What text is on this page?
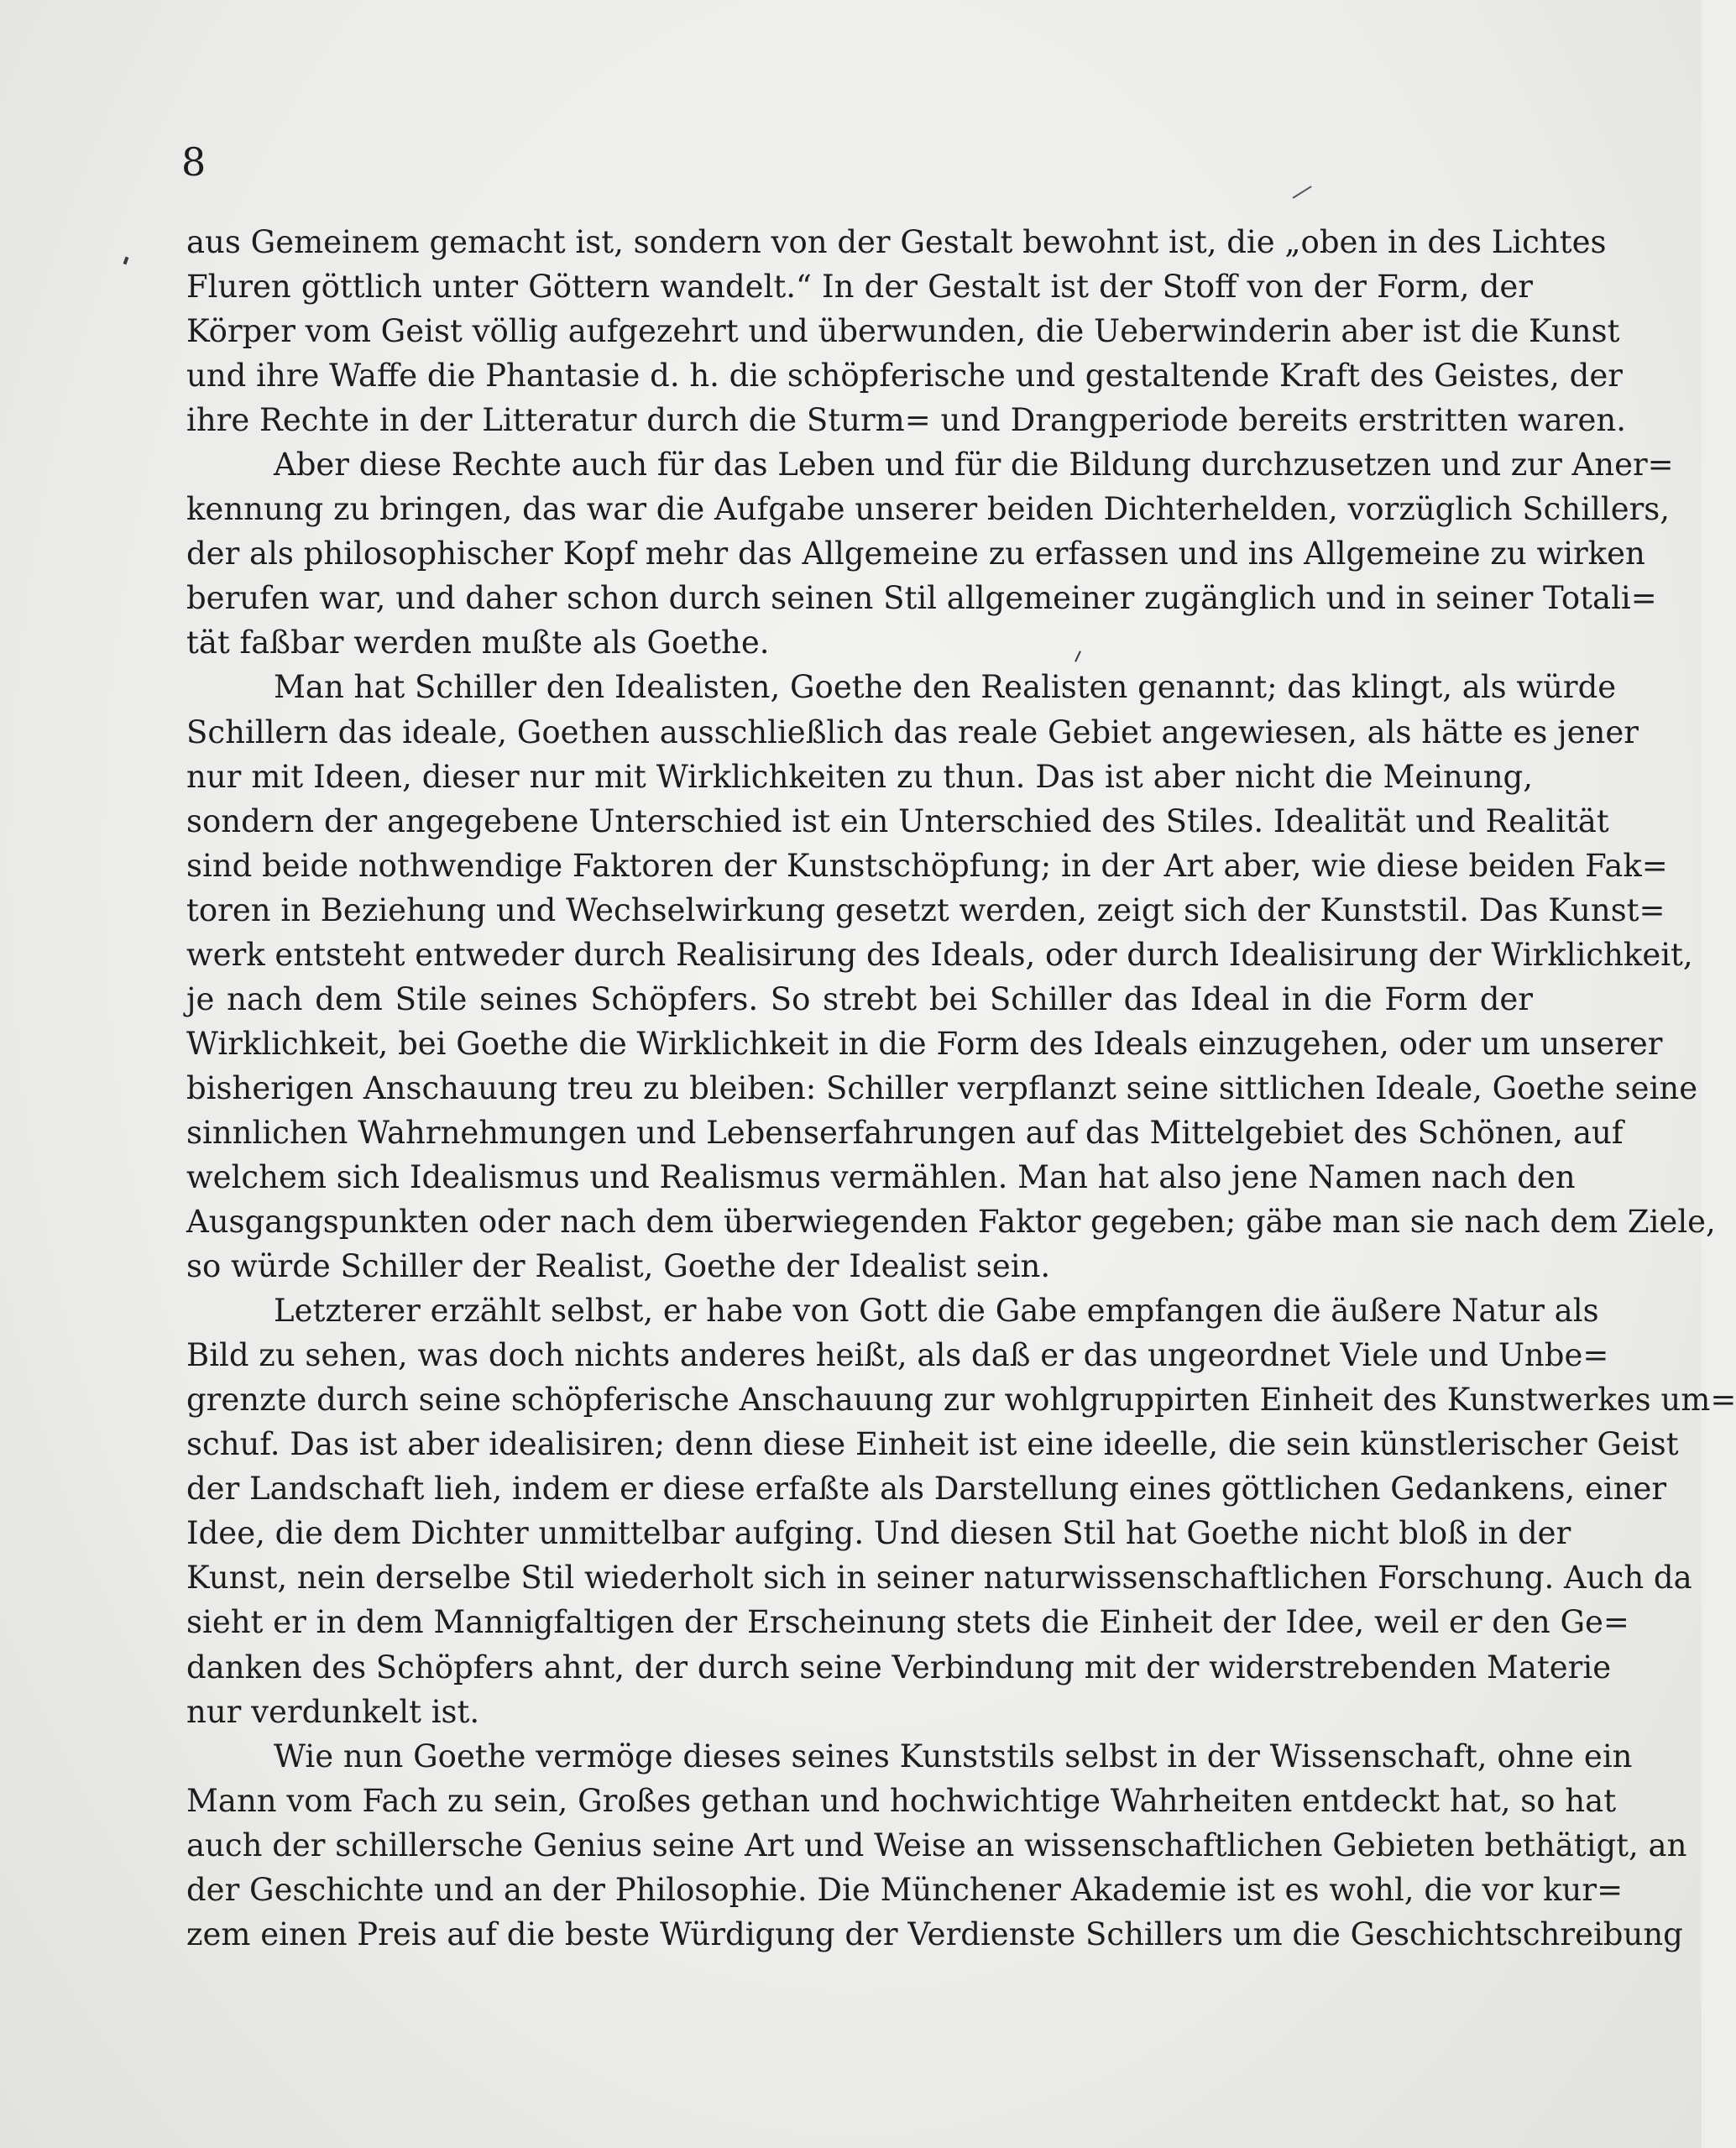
8
aus Gemeinem gemacht ist, sondern von der Gestalt bewohnt ist, die „oben in des Lichtes
Fluren göttlich unter Göttern wandelt.“ In der Gestalt ist der Stoff von der Form, der
Körper vom Geist völlig aufgezehrt und überwunden, die Ueberwinderin aber ist die Kunst
und ihre Waffe die Phantasie d. h. die schöpferische und gestaltende Kraft des Geistes, der
ihre Rechte in der Litteratur durch die Sturm= und Drangperiode bereits erstritten waren.
Aber diese Rechte auch für das Leben und für die Bildung durchzusetzen und zur Aner=
kennung zu bringen, das war die Aufgabe unserer beiden Dichterhelden, vorzüglich Schillers,
der als philosophischer Kopf mehr das Allgemeine zu erfassen und ins Allgemeine zu wirken
berufen war, und daher schon durch seinen Stil allgemeiner zugänglich und in seiner Totali=
tät faßbar werden mußte als Goethe.
Man hat Schiller den Idealisten, Goethe den Realisten genannt; das klingt, als würde
Schillern das ideale, Goethen ausschließlich das reale Gebiet angewiesen, als hätte es jener
nur mit Ideen, dieser nur mit Wirklichkeiten zu thun. Das ist aber nicht die Meinung,
sondern der angegebene Unterschied ist ein Unterschied des Stiles. Idealität und Realität
sind beide nothwendige Faktoren der Kunstschöpfung; in der Art aber, wie diese beiden Fak=
toren in Beziehung und Wechselwirkung gesetzt werden, zeigt sich der Kunststil. Das Kunst=
werk entsteht entweder durch Realisirung des Ideals, oder durch Idealisirung der Wirklichkeit,
je nach dem Stile seines Schöpfers. So strebt bei Schiller das Ideal in die Form der
Wirklichkeit, bei Goethe die Wirklichkeit in die Form des Ideals einzugehen, oder um unserer
bisherigen Anschauung treu zu bleiben: Schiller verpflanzt seine sittlichen Ideale, Goethe seine
sinnlichen Wahrnehmungen und Lebenserfahrungen auf das Mittelgebiet des Schönen, auf
welchem sich Idealismus und Realismus vermählen. Man hat also jene Namen nach den
Ausgangspunkten oder nach dem überwiegenden Faktor gegeben; gäbe man sie nach dem Ziele,
so würde Schiller der Realist, Goethe der Idealist sein.
Letzterer erzählt selbst, er habe von Gott die Gabe empfangen die äußere Natur als
Bild zu sehen, was doch nichts anderes heißt, als daß er das ungeordnet Viele und Unbe=
grenzte durch seine schöpferische Anschauung zur wohlgruppirten Einheit des Kunstwerkes um=
schuf. Das ist aber idealisiren; denn diese Einheit ist eine ideelle, die sein künstlerischer Geist
der Landschaft lieh, indem er diese erfaßte als Darstellung eines göttlichen Gedankens, einer
Idee, die dem Dichter unmittelbar aufging. Und diesen Stil hat Goethe nicht bloß in der
Kunst, nein derselbe Stil wiederholt sich in seiner naturwissenschaftlichen Forschung. Auch da
sieht er in dem Mannigfaltigen der Erscheinung stets die Einheit der Idee, weil er den Ge=
danken des Schöpfers ahnt, der durch seine Verbindung mit der widerstrebenden Materie
nur verdunkelt ist.
Wie nun Goethe vermöge dieses seines Kunststils selbst in der Wissenschaft, ohne ein
Mann vom Fach zu sein, Großes gethan und hochwichtige Wahrheiten entdeckt hat, so hat
auch der schillersche Genius seine Art und Weise an wissenschaftlichen Gebieten bethätigt, an
der Geschichte und an der Philosophie. Die Münchener Akademie ist es wohl, die vor kur=
zem einen Preis auf die beste Würdigung der Verdienste Schillers um die Geschichtschreibung
